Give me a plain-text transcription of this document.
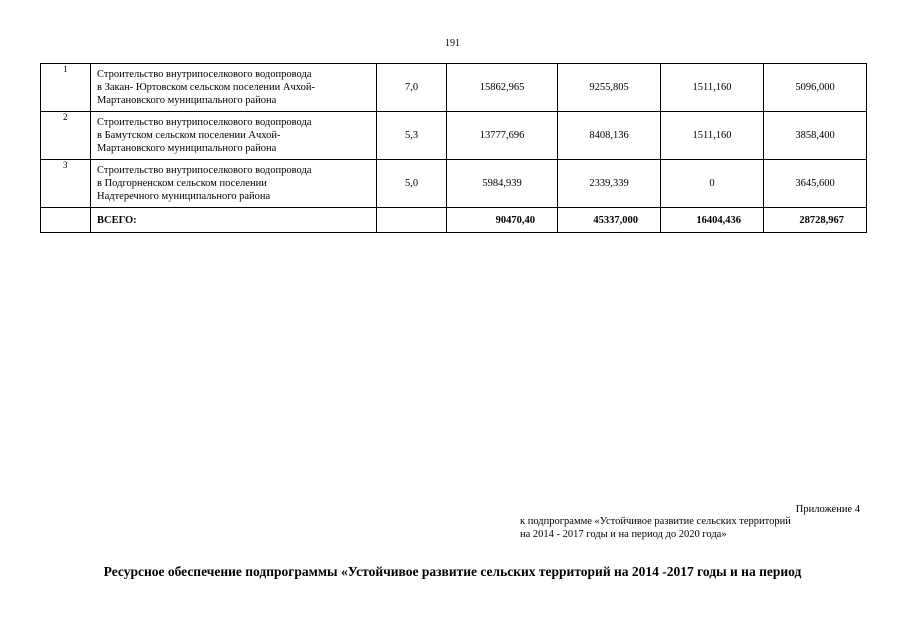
191
1	Строительство внутрипоселкового водопровода
в Закан- Юртовском сельском поселении Ачхой-
Мартановского муниципального района	7,0	15862,965	9255,805	1511,160	5096,000
2	Строительство внутрипоселкового водопровода
в Бамутском сельском поселении Ачхой-
Мартановского муниципального района	5,3	13777,696	8408,136	1511,160	3858,400
3	Строительство внутрипоселкового водопровода
в Подгорненском сельском поселении
Надтеречного муниципального района	5,0	5984,939	2339,339	0	3645,600
	ВСЕГО:		90470,40	45337,000	16404,436	28728,967
Приложение 4
к подпрограмме «Устойчивое развитие сельских территорий
на 2014 - 2017 годы и на период до 2020 года»
Ресурсное обеспечение подпрограммы «Устойчивое развитие сельских территорий на 2014 -2017 годы и на период
